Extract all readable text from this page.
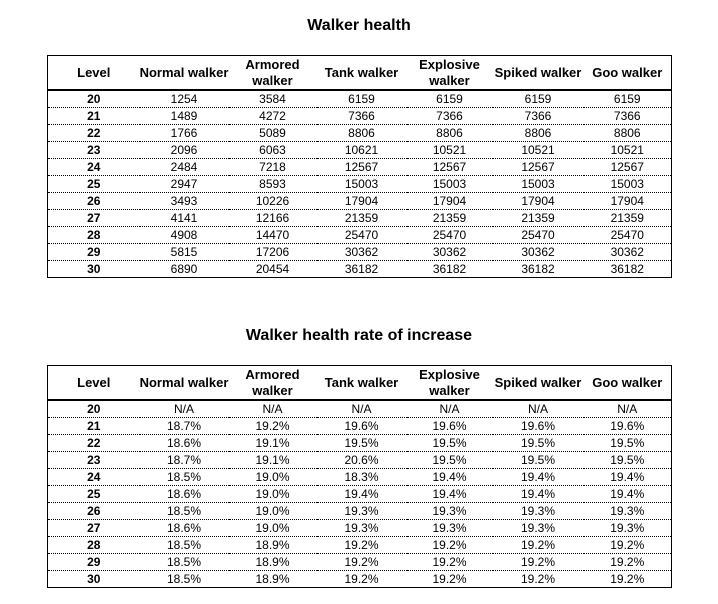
Walker health
Level	Normal walker	Armored walker	Tank walker	Explosive walker	Spiked walker	Goo walker
20	1254	3584	6159	6159	6159	6159
21	1489	4272	7366	7366	7366	7366
22	1766	5089	8806	8806	8806	8806
23	2096	6063	10621	10521	10521	10521
24	2484	7218	12567	12567	12567	12567
25	2947	8593	15003	15003	15003	15003
26	3493	10226	17904	17904	17904	17904
27	4141	12166	21359	21359	21359	21359
28	4908	14470	25470	25470	25470	25470
29	5815	17206	30362	30362	30362	30362
30	6890	20454	36182	36182	36182	36182
Walker health rate of increase
Level	Normal walker	Armored walker	Tank walker	Explosive walker	Spiked walker	Goo walker
20	N/A	N/A	N/A	N/A	N/A	N/A
21	18.7%	19.2%	19.6%	19.6%	19.6%	19.6%
22	18.6%	19.1%	19.5%	19.5%	19.5%	19.5%
23	18.7%	19.1%	20.6%	19.5%	19.5%	19.5%
24	18.5%	19.0%	18.3%	19.4%	19.4%	19.4%
25	18.6%	19.0%	19.4%	19.4%	19.4%	19.4%
26	18.5%	19.0%	19.3%	19.3%	19.3%	19.3%
27	18.6%	19.0%	19.3%	19.3%	19.3%	19.3%
28	18.5%	18.9%	19.2%	19.2%	19.2%	19.2%
29	18.5%	18.9%	19.2%	19.2%	19.2%	19.2%
30	18.5%	18.9%	19.2%	19.2%	19.2%	19.2%
